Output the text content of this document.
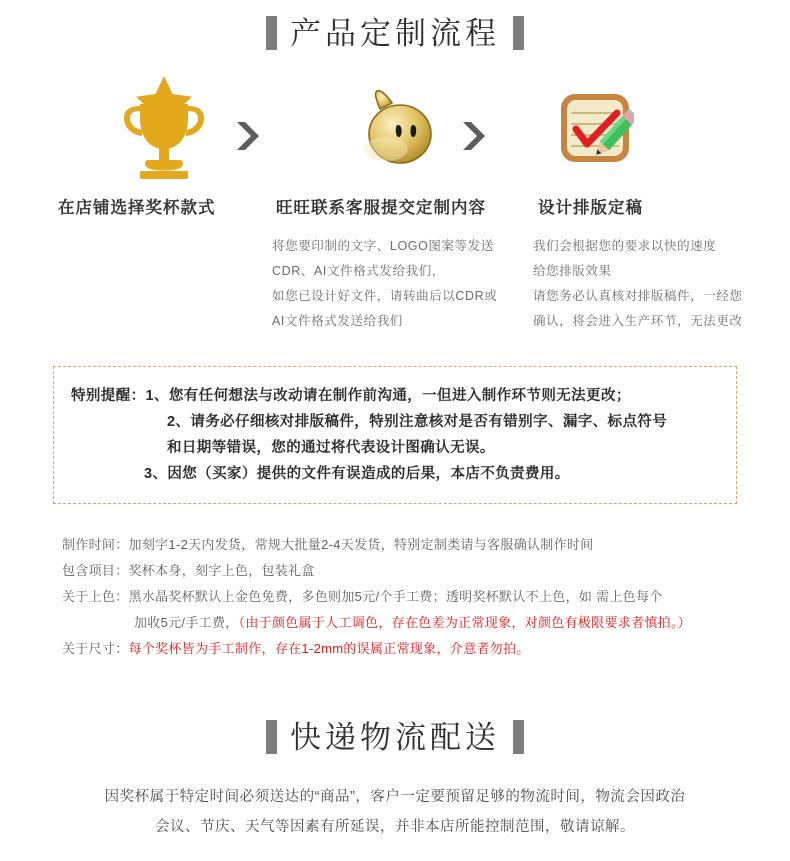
产品定制流程
在店铺选择奖杯款式	旺旺联系客服提交定制内容	设计排版定稿
将您要印制的文字、LOGO图案等发送
CDR、AI文件格式发给我们，
如您已设计好文件，请转曲后以CDR或
AI文件格式发送给我们
我们会根据您的要求以快的速度
给您排版效果
请您务必认真核对排版稿件，一经您
确认，将会进入生产环节，无法更改
特别提醒：1、您有任何想法与改动请在制作前沟通，一但进入制作环节则无法更改；
2、请务必仔细核对排版稿件，特别注意核对是否有错别字、漏字、标点符号
和日期等错误，您的通过将代表设计图确认无误。
3、因您（买家）提供的文件有误造成的后果，本店不负责费用。
制作时间：加刻字1-2天内发货，常规大批量2-4天发货，特别定制类请与客服确认制作时间
包含项目：奖杯本身，刻字上色，包装礼盒
关于上色：黑水晶奖杯默认上金色免费，多色则加5元/个手工费；透明奖杯默认不上色，如 需上色每个
加收5元/手工费，（由于颜色属于人工调色，存在色差为正常现象，对颜色有极限要求者慎拍。）
关于尺寸：每个奖杯皆为手工制作，存在1-2mm的误属正常现象，介意者勿拍。
快递物流配送
因奖杯属于特定时间必须送达的“商品”，客户一定要预留足够的物流时间，物流会因政治
会议、节庆、天气等因素有所延误，并非本店所能控制范围，敬请谅解。
